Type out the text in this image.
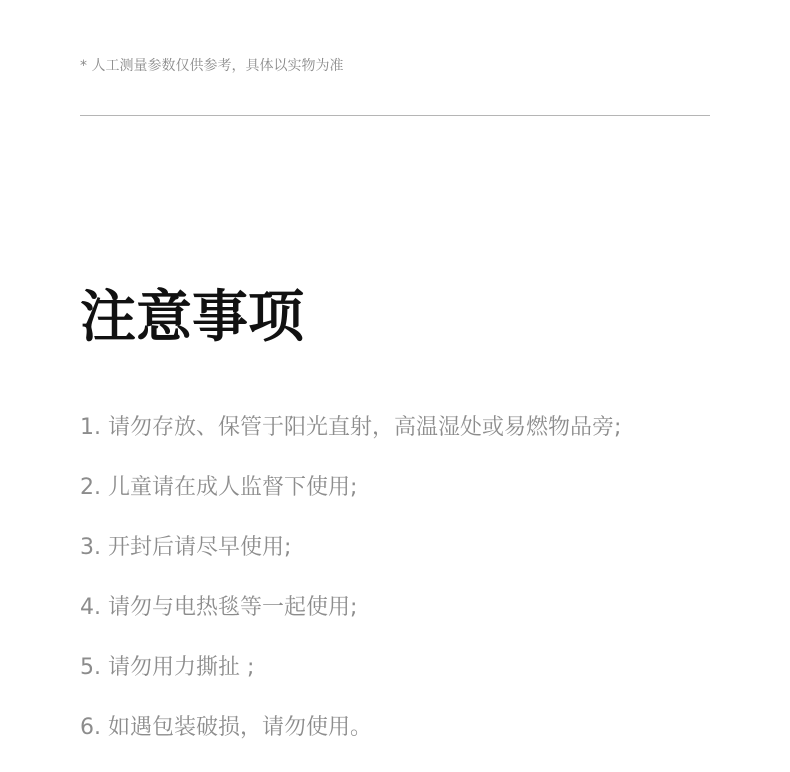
* 人工测量参数仅供参考，具体以实物为准
注意事项
1. 请勿存放、保管于阳光直射，高温湿处或易燃物品旁;
2. 儿童请在成人监督下使用;
3. 开封后请尽早使用;
4. 请勿与电热毯等一起使用;
5. 请勿用力撕扯 ;
6. 如遇包装破损，请勿使用。
